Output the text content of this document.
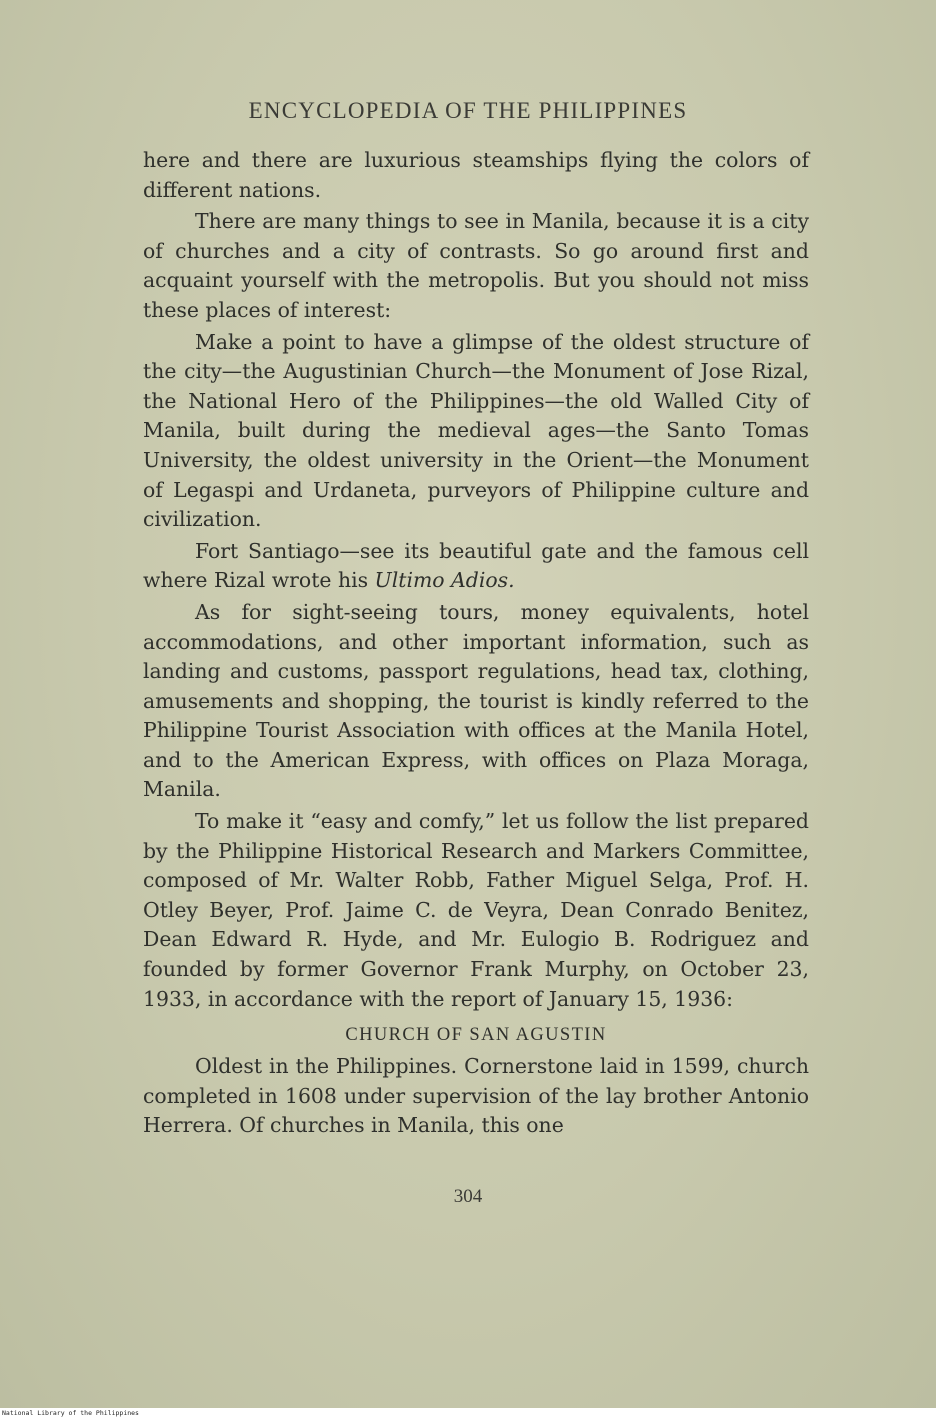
ENCYCLOPEDIA OF THE PHILIPPINES

here and there are luxurious steamships flying the colors of different nations.

There are many things to see in Manila, because it is a city of churches and a city of contrasts. So go around first and acquaint yourself with the metropolis. But you should not miss these places of interest:

Make a point to have a glimpse of the oldest structure of the city—the Augustinian Church—the Monument of Jose Rizal, the National Hero of the Philippines—the old Walled City of Manila, built during the medieval ages—the Santo Tomas University, the oldest university in the Orient—the Monument of Legaspi and Urdaneta, purveyors of Philippine culture and civilization.

Fort Santiago—see its beautiful gate and the famous cell where Rizal wrote his Ultimo Adios.

As for sight-seeing tours, money equivalents, hotel accommodations, and other important information, such as landing and customs, passport regulations, head tax, clothing, amusements and shopping, the tourist is kindly referred to the Philippine Tourist Association with offices at the Manila Hotel, and to the American Express, with offices on Plaza Moraga, Manila.

To make it “easy and comfy,” let us follow the list prepared by the Philippine Historical Research and Markers Committee, composed of Mr. Walter Robb, Father Miguel Selga, Prof. H. Otley Beyer, Prof. Jaime C. de Veyra, Dean Conrado Benitez, Dean Edward R. Hyde, and Mr. Eulogio B. Rodriguez and founded by former Governor Frank Murphy, on October 23, 1933, in accordance with the report of January 15, 1936:

CHURCH OF SAN AGUSTIN

Oldest in the Philippines. Cornerstone laid in 1599, church completed in 1608 under supervision of the lay brother Antonio Herrera. Of churches in Manila, this one

304
National Library of the Philippines
